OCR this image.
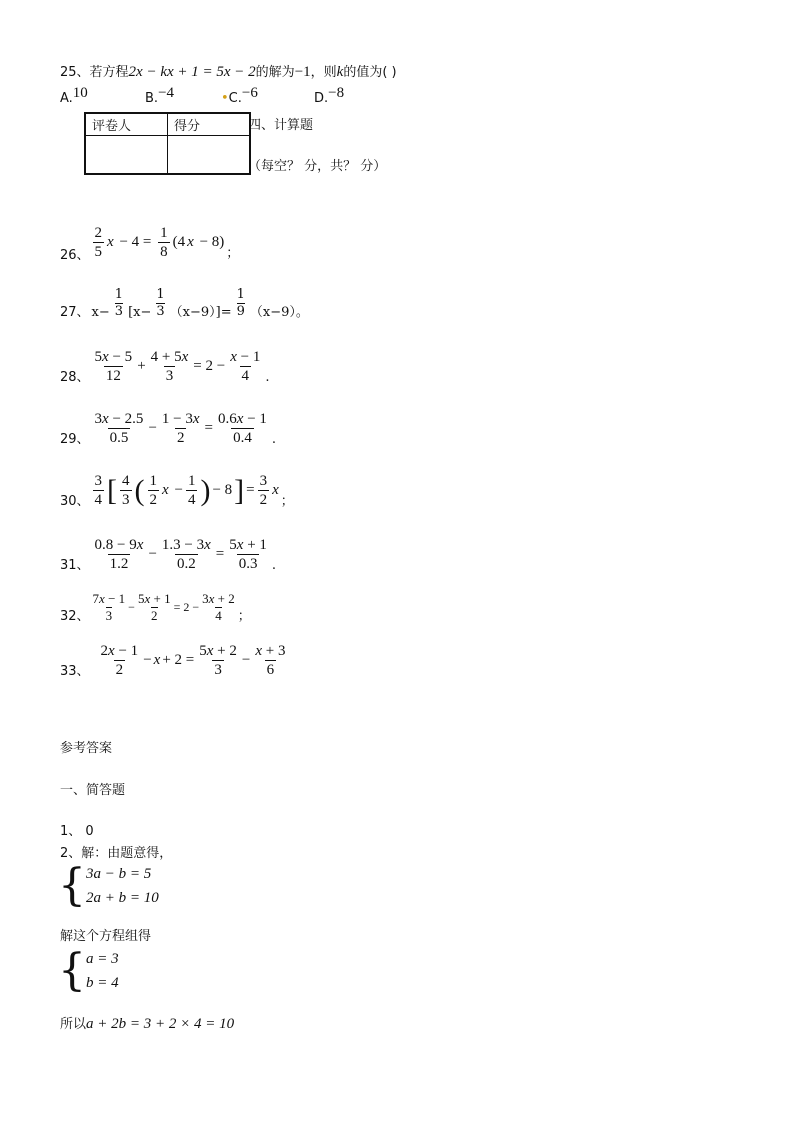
25、若方程2x − kx + 1 = 5x − 2的解为−1，则k的值为( )
A.10	B.−4	•C.−6	D.−8
评卷人	得分
		四、计算题
（每空？ 分，共？ 分）
26、 $\frac{2}{5}$ $x - 4 = \frac{1}{8} (4$ x − 8)
；
27、 $x- \frac{1}{3} [x- \frac{1}{3} (x-9)]= \frac{1}{9} (x-9)$。
28、 $\frac{5x - 5}{12} + \frac{4 + 5x}{3} = 2 - \frac{x - 1}{4}$ .
29、 $\frac{3x - 2.5}{0.5} - \frac{1 - 3x}{2} = \frac{0.6x - 1}{0.4}$ .
30、 $\frac{3}{4}$ [ $\frac{4}{3}$ ( $\frac{1}{2}$ $x - \frac{1}{4}$ ) − 8 ] = $\frac{3}{2}$ x
；
31、 $\frac{0.8 - 9x}{1.2} - \frac{1.3 - 3x}{0.2} = \frac{5x + 1}{0.3}$ .
32、 $\frac{7x - 1}{3} - \frac{5x + 1}{2} = 2 - \frac{3x + 2}{4}$ ；
33、 $\frac{2x - 1}{2} - x + 2 = \frac{5x + 2}{3} - \frac{x + 3}{6}$
参考答案
一、简答题
1、 0
2、解：由题意得，
{ 3a − b = 5
2a + b = 10
解这个方程组得
{ a = 3
b = 4
所以a + 2b = 3 + 2 × 4 = 10
